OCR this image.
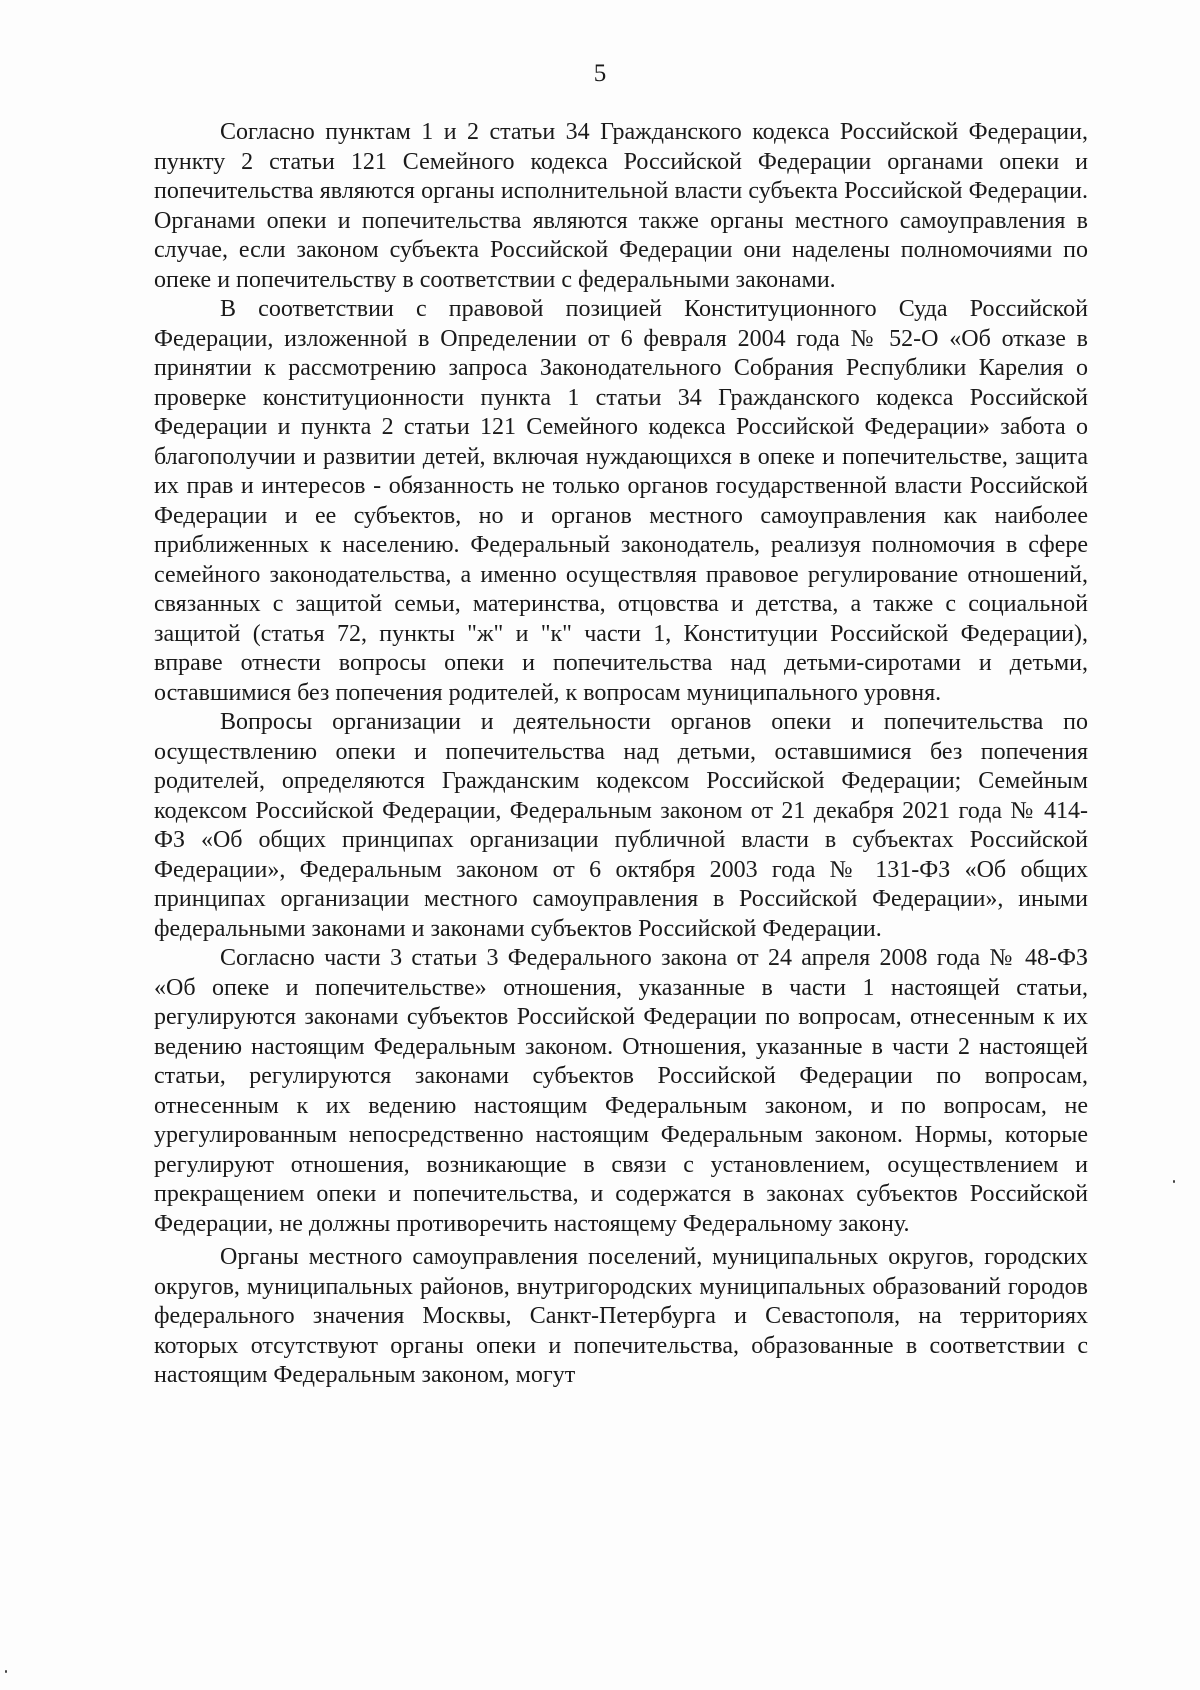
5

Согласно пунктам 1 и 2 статьи 34 Гражданского кодекса Российской Федерации, пункту 2 статьи 121 Семейного кодекса Российской Федерации органами опеки и попечительства являются органы исполнительной власти субъекта Российской Федерации. Органами опеки и попечительства являются также органы местного самоуправления в случае, если законом субъекта Российской Федерации они наделены полномочиями по опеке и попечительству в соответствии с федеральными законами.

В соответствии с правовой позицией Конституционного Суда Российской Федерации, изложенной в Определении от 6 февраля 2004 года № 52-О «Об отказе в принятии к рассмотрению запроса Законодательного Собрания Республики Карелия о проверке конституционности пункта 1 статьи 34 Гражданского кодекса Российской Федерации и пункта 2 статьи 121 Семейного кодекса Российской Федерации» забота о благополучии и развитии детей, включая нуждающихся в опеке и попечительстве, защита их прав и интересов - обязанность не только органов государственной власти Российской Федерации и ее субъектов, но и органов местного самоуправления как наиболее приближенных к населению. Федеральный законодатель, реализуя полномочия в сфере семейного законодательства, а именно осуществляя правовое регулирование отношений, связанных с защитой семьи, материнства, отцовства и детства, а также с социальной защитой (статья 72, пункты "ж" и "к" части 1, Конституции Российской Федерации), вправе отнести вопросы опеки и попечительства над детьми-сиротами и детьми, оставшимися без попечения родителей, к вопросам муниципального уровня.

Вопросы организации и деятельности органов опеки и попечительства по осуществлению опеки и попечительства над детьми, оставшимися без попечения родителей, определяются Гражданским кодексом Российской Федерации; Семейным кодексом Российской Федерации, Федеральным законом от 21 декабря 2021 года № 414-ФЗ «Об общих принципах организации публичной власти в субъектах Российской Федерации», Федеральным законом от 6 октября 2003 года № 131-ФЗ «Об общих принципах организации местного самоуправления в Российской Федерации», иными федеральными законами и законами субъектов Российской Федерации.

Согласно части 3 статьи 3 Федерального закона от 24 апреля 2008 года № 48-ФЗ «Об опеке и попечительстве» отношения, указанные в части 1 настоящей статьи, регулируются законами субъектов Российской Федерации по вопросам, отнесенным к их ведению настоящим Федеральным законом. Отношения, указанные в части 2 настоящей статьи, регулируются законами субъектов Российской Федерации по вопросам, отнесенным к их ведению настоящим Федеральным законом, и по вопросам, не урегулированным непосредственно настоящим Федеральным законом. Нормы, которые регулируют отношения, возникающие в связи с установлением, осуществлением и прекращением опеки и попечительства, и содержатся в законах субъектов Российской Федерации, не должны противоречить настоящему Федеральному закону.

Органы местного самоуправления поселений, муниципальных округов, городских округов, муниципальных районов, внутригородских муниципальных образований городов федерального значения Москвы, Санкт-Петербурга и Севастополя, на территориях которых отсутствуют органы опеки и попечительства, образованные в соответствии с настоящим Федеральным законом, могут
